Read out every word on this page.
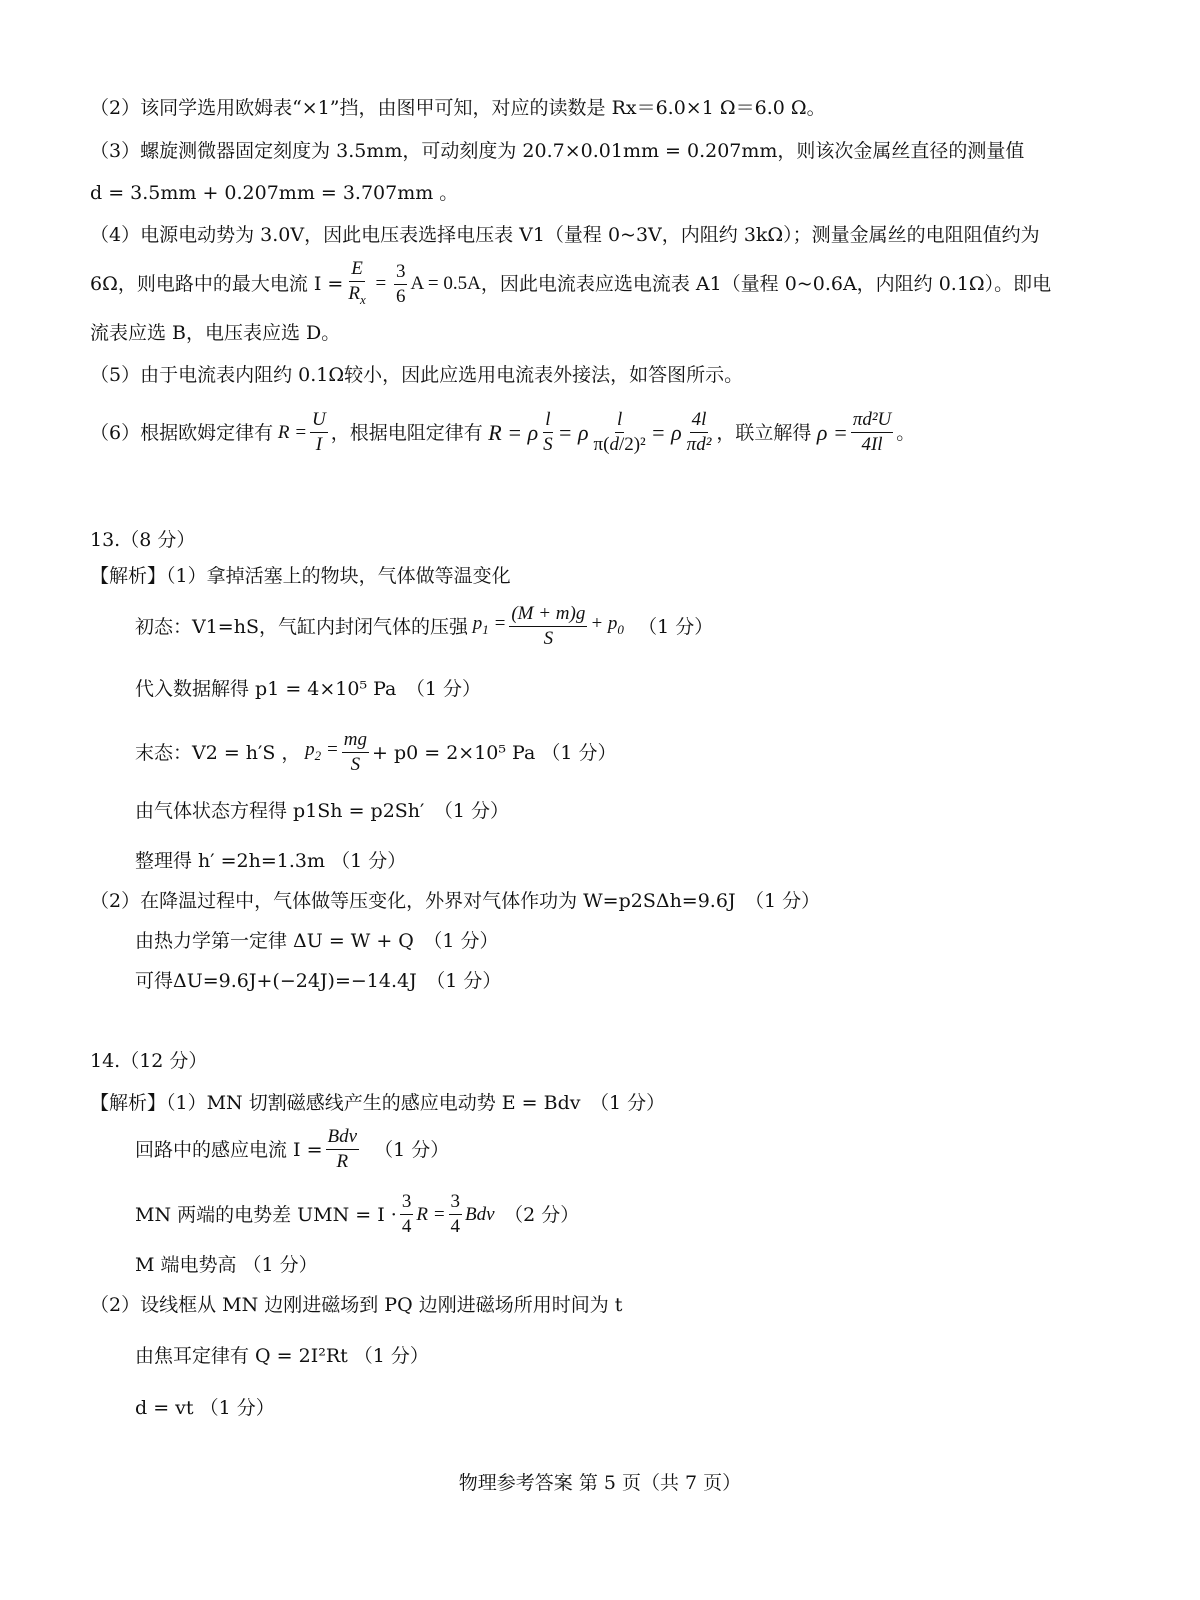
（2）该同学选用欧姆表“×1”挡，由图甲可知，对应的读数是 Rx＝6.0×1 Ω＝6.0 Ω。
（3）螺旋测微器固定刻度为 3.5mm，可动刻度为 20.7×0.01mm = 0.207mm，则该次金属丝直径的测量值
d = 3.5mm + 0.207mm = 3.707mm 。
（4）电源电动势为 3.0V，因此电压表选择电压表 V1（量程 0~3V，内阻约 3kΩ）；测量金属丝的电阻阻值约为
6Ω，则电路中的最大电流 $I = \frac{E}{R_x} = \frac{3}{6}$ A = 0.5A ，因此电流表应选电流表 A1（量程 0~0.6A，内阻约 0.1Ω）。即电
流表应选 B，电压表应选 D。
（5）由于电流表内阻约 0.1Ω较小，因此应选用电流表外接法，如答图所示。
（6）根据欧姆定律有 $R = \frac{U}{I}$ ，根据电阻定律有 R = ρ $\frac{l}{S} = \rho \frac{l}{\text{π(d/2)²}} = \rho \frac{4l}{\text{πd²}}$ ，联立解得 $\rho = \frac{\text{πd²U}}{4Il}$ 。
13.（8 分）
【解析】（1）拿掉活塞上的物块，气体做等温变化
初态：V1=hS，气缸内封闭气体的压强 $p_1 = \frac{(M + m)g}{S} + p_0$ （1 分）
代入数据解得 p1 = 4×10⁵ Pa　（1 分）
末态：V2 = h′S ， $p_2 = \frac{mg}{S} + p0 = 2\times 10^5$ Pa （1 分）
由气体状态方程得 p1Sh = p2Sh′　（1 分）
整理得 h′ =2h=1.3m （1 分）
（2）在降温过程中，气体做等压变化，外界对气体作功为 W=p2SΔh=9.6J　（1 分）
由热力学第一定律 ΔU = W + Q　（1 分）
可得ΔU=9.6J+(−24J)=−14.4J　（1 分）
14.（12 分）
【解析】（1）MN 切割磁感线产生的感应电动势 E = Bdv　（1 分）
回路中的感应电流 $I = \frac{\text{Bdv}}{R}$
（1 分）
MN 两端的电势差 UMN = $I \cdot \frac{3}{4}$ $R = \frac{3}{4}$ Bdv （2 分）
M 端电势高 （1 分）
（2）设线框从 MN 边刚进磁场到 PQ 边刚进磁场所用时间为 t
由焦耳定律有 Q = 2I²Rt （1 分）
d = vt （1 分）
物理参考答案 第 5 页（共 7 页）
